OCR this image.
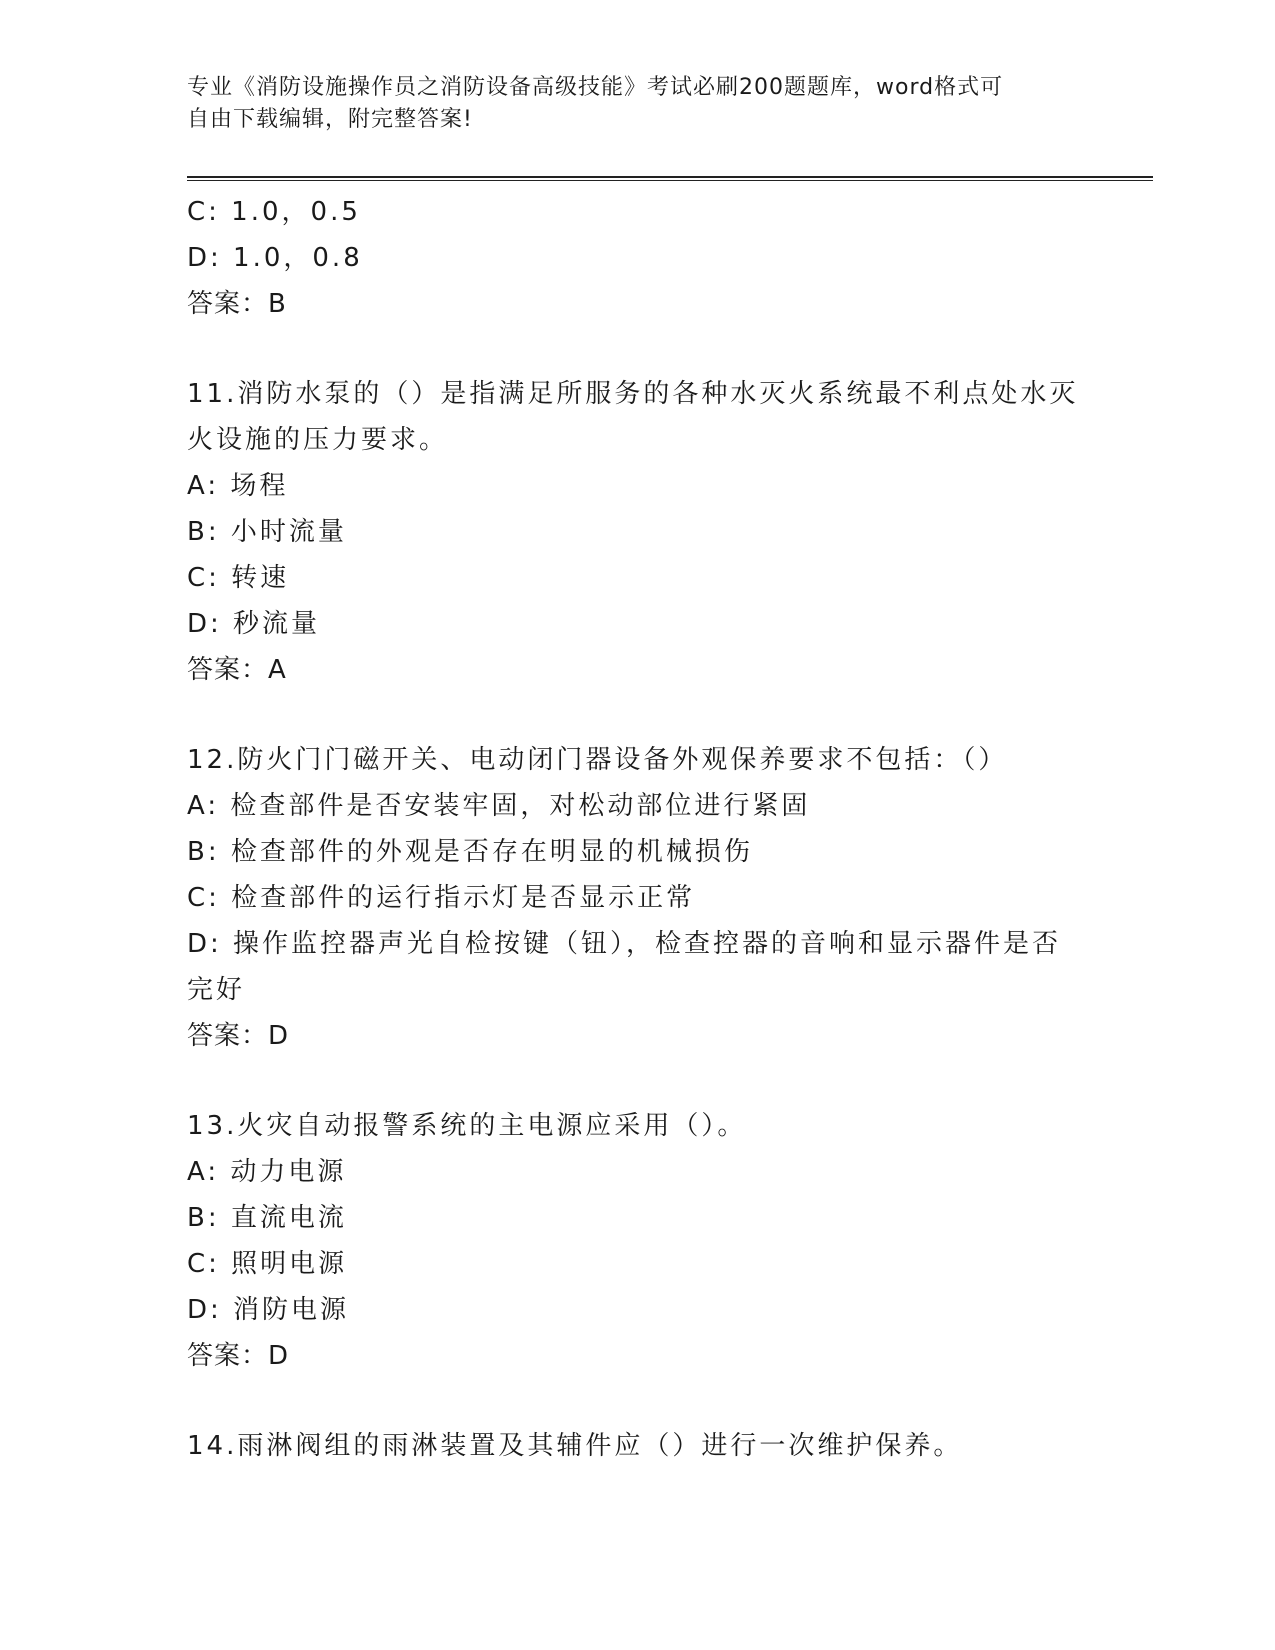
专业《消防设施操作员之消防设备高级技能》考试必刷200题题库，word格式可
自由下载编辑，附完整答案!
C: 1.0，0.5
D: 1.0，0.8
答案：B
11.消防水泵的（）是指满足所服务的各种水灭火系统最不利点处水灭
火设施的压力要求。
A: 场程
B: 小时流量
C: 转速
D: 秒流量
答案：A
12.防火门门磁开关、电动闭门器设备外观保养要求不包括：（）
A: 检查部件是否安装牢固，对松动部位进行紧固
B: 检查部件的外观是否存在明显的机械损伤
C: 检查部件的运行指示灯是否显示正常
D: 操作监控器声光自检按键（钮），检查控器的音响和显示器件是否
完好
答案：D
13.火灾自动报警系统的主电源应采用（）。
A: 动力电源
B: 直流电流
C: 照明电源
D: 消防电源
答案：D
14.雨淋阀组的雨淋装置及其辅件应（）进行一次维护保养。
